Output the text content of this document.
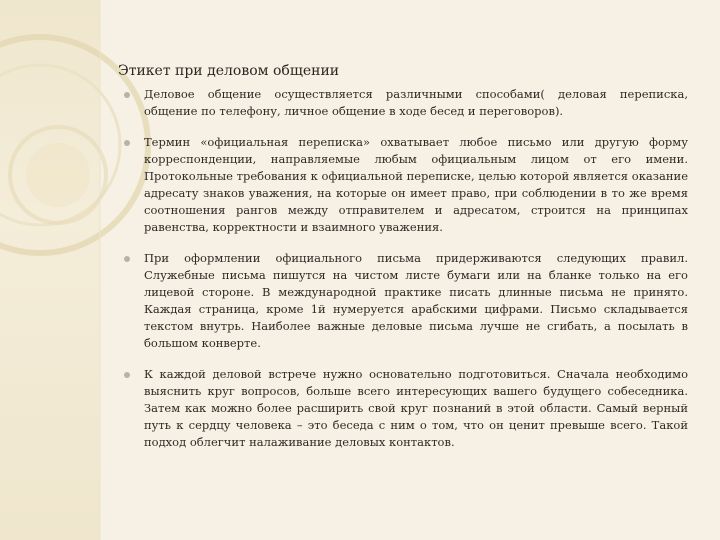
Этикет при деловом общении
Деловое общение осуществляется различными способами( деловая переписка, общение по телефону, личное общение в ходе бесед и переговоров).
Термин «официальная переписка» охватывает любое письмо или другую форму корреспонденции, направляемые любым официальным лицом от его имени. Протокольные требования к официальной переписке, целью которой является оказание адресату знаков уважения, на которые он имеет право, при соблюдении в то же время соотношения рангов между отправителем и адресатом, строится на принципах равенства, корректности и взаимного уважения.
При оформлении официального письма придерживаются следующих правил. Служебные письма пишутся на чистом листе бумаги или на бланке только на его лицевой стороне. В международной практике писать длинные письма не принято. Каждая страница, кроме 1й нумеруется арабскими цифрами. Письмо складывается текстом внутрь. Наиболее важные деловые письма лучше не сгибать, а посылать в большом конверте.
К каждой деловой встрече нужно основательно подготовиться. Сначала необходимо выяснить круг вопросов, больше всего интересующих вашего будущего собеседника. Затем как можно более расширить свой круг познаний в этой области. Самый верный путь к сердцу человека – это беседа с ним о том, что он ценит превыше всего. Такой подход облегчит налаживание деловых контактов.
